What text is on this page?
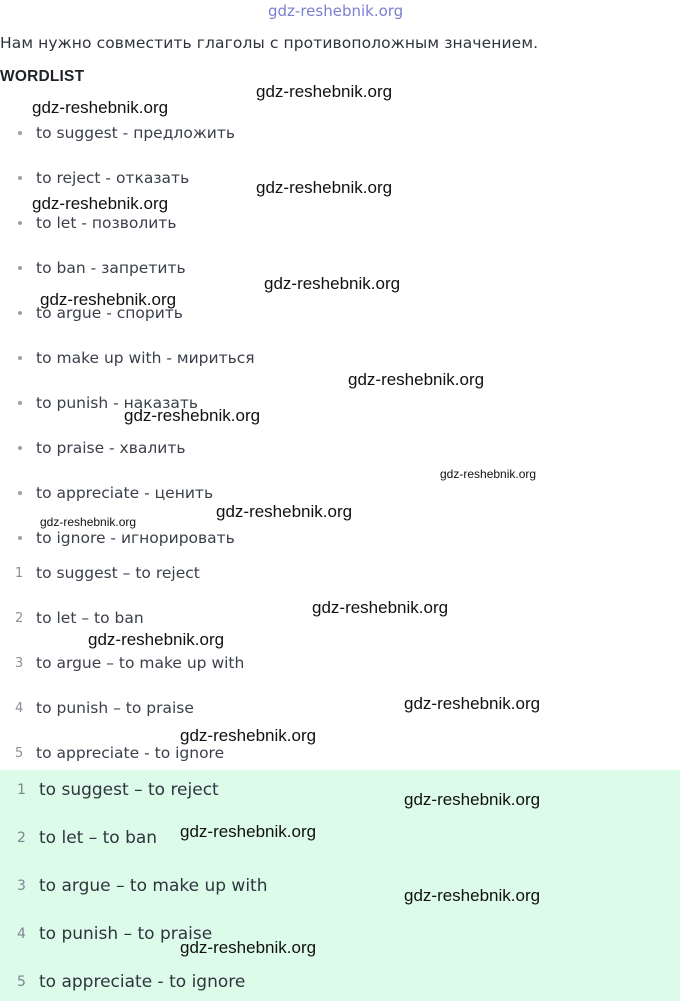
gdz-reshebnik.org
Нам нужно совместить глаголы с противоположным значением.
WORDLIST
to suggest - предложить
to reject - отказать
to let - позволить
to ban - запретить
to argue - спорить
to make up with - мириться
to punish - наказать
to praise - хвалить
to appreciate - ценить
to ignore - игнорировать
1 to suggest – to reject
2 to let – to ban
3 to argue – to make up with
4 to punish – to praise
5 to appreciate - to ignore
1 to suggest – to reject
2 to let – to ban
3 to argue – to make up with
4 to punish – to praise
5 to appreciate - to ignore
gdz-reshebnik.org
gdz-reshebnik.org
gdz-reshebnik.org
gdz-reshebnik.org
gdz-reshebnik.org
gdz-reshebnik.org
gdz-reshebnik.org
gdz-reshebnik.org
gdz-reshebnik.org
gdz-reshebnik.org
gdz-reshebnik.org
gdz-reshebnik.org
gdz-reshebnik.org
gdz-reshebnik.org
gdz-reshebnik.org
gdz-reshebnik.org
gdz-reshebnik.org
gdz-reshebnik.org
gdz-reshebnik.org
